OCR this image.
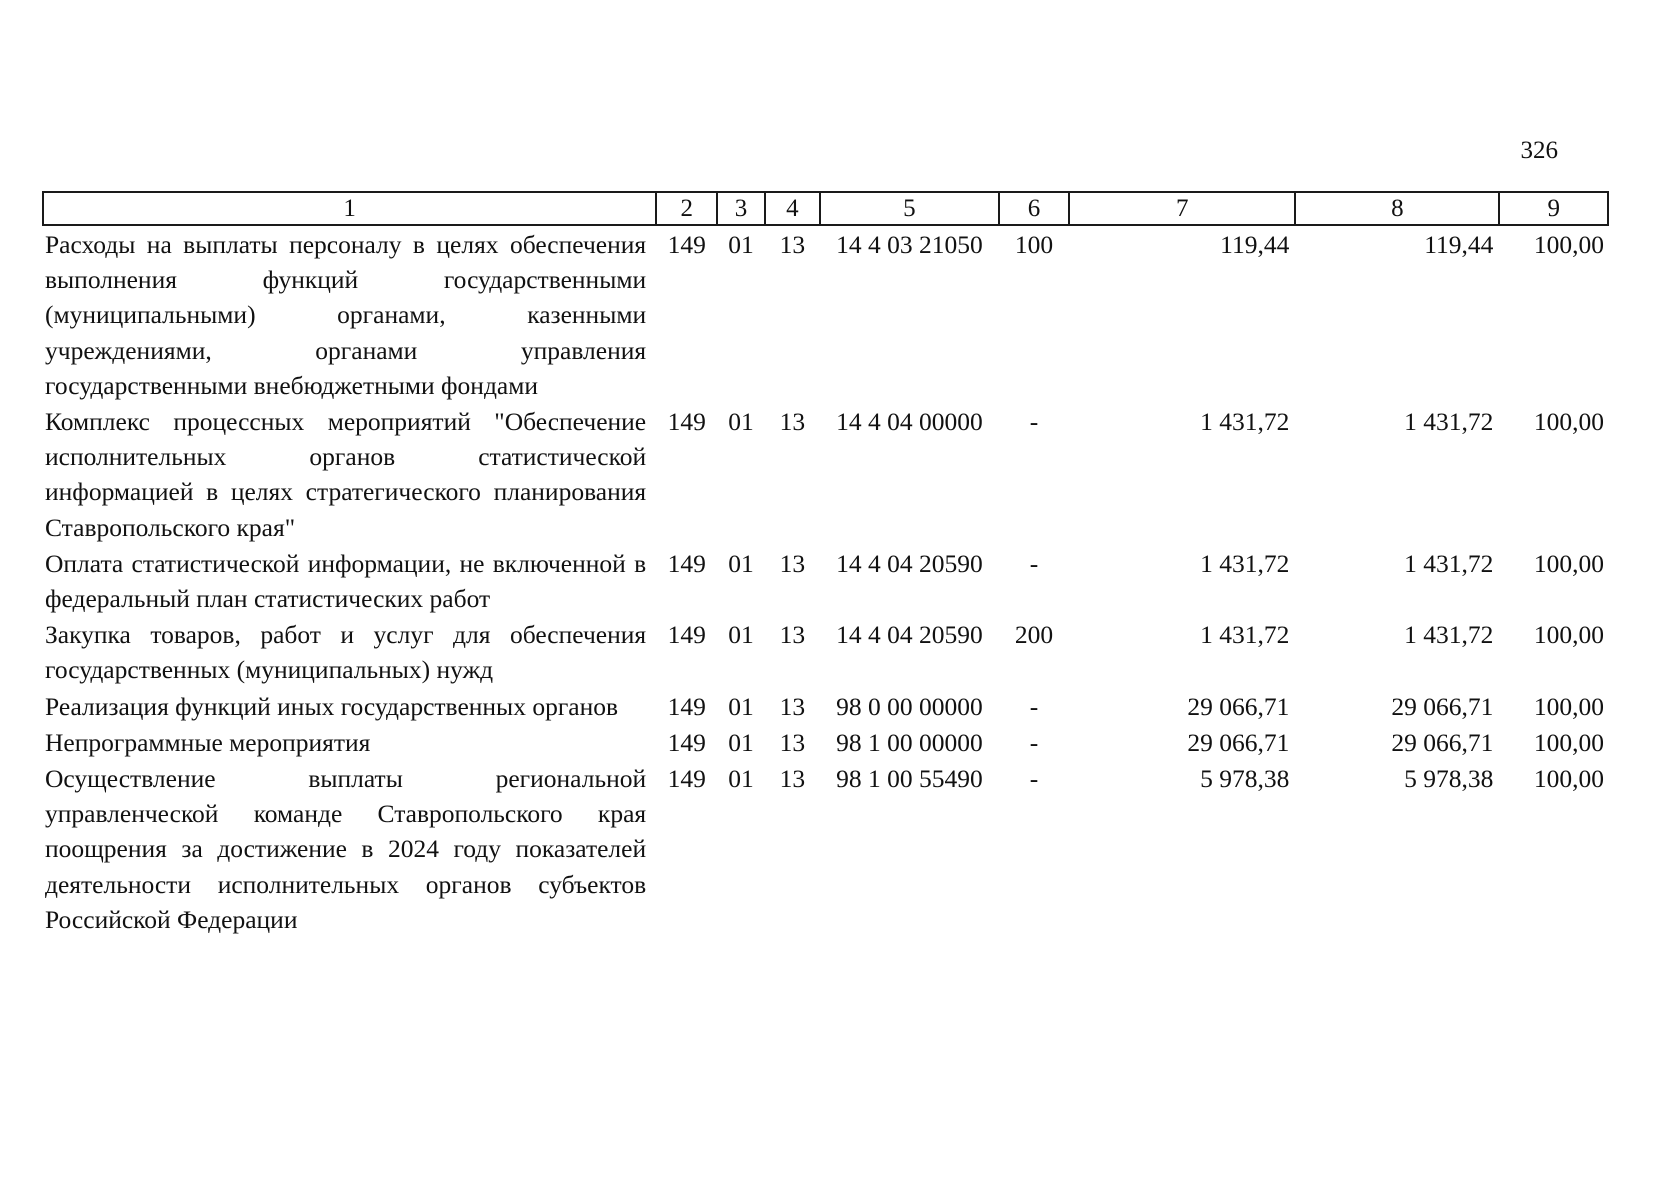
326
1	2	3	4	5	6	7	8	9
Расходы на выплаты персоналу в целях обеспечения выполнения функций государственными (муниципальными) органами, казенными учреждениями, органами управления государственными внебюджетными фондами	149	01	13	14 4 03 21050	100	119,44	119,44	100,00
Комплекс процессных мероприятий "Обеспечение исполнительных органов статистической информацией в целях стратегического планирования Ставропольского края"	149	01	13	14 4 04 00000	-	1 431,72	1 431,72	100,00
Оплата статистической информации, не включенной в федеральный план статистических работ	149	01	13	14 4 04 20590	-	1 431,72	1 431,72	100,00
Закупка товаров, работ и услуг для обеспечения государственных (муниципальных) нужд	149	01	13	14 4 04 20590	200	1 431,72	1 431,72	100,00
Реализация функций иных государственных органов	149	01	13	98 0 00 00000	-	29 066,71	29 066,71	100,00
Непрограммные мероприятия	149	01	13	98 1 00 00000	-	29 066,71	29 066,71	100,00
Осуществление выплаты региональной управленческой команде Ставропольского края поощрения за достижение в 2024 году показателей деятельности исполнительных органов субъектов Российской Федерации	149	01	13	98 1 00 55490	-	5 978,38	5 978,38	100,00
